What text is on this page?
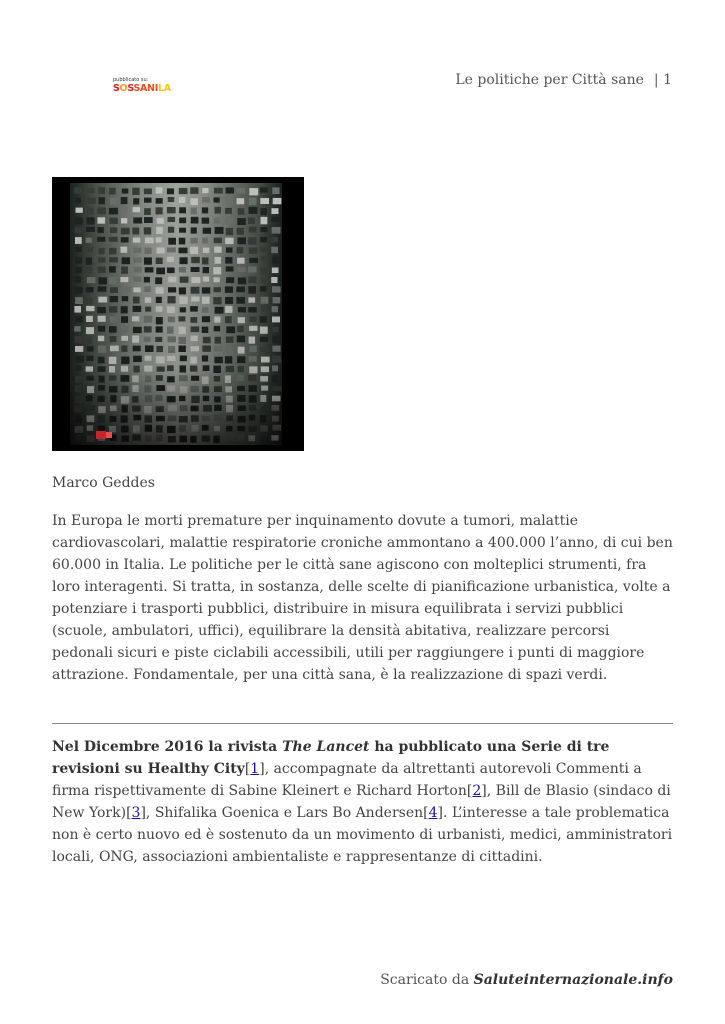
pubblicato su:
SOSSANILA
Le politiche per Città sane | 1
Marco Geddes

In Europa le morti premature per inquinamento dovute a tumori, malattie cardiovascolari, malattie respiratorie croniche ammontano a 400.000 l’anno, di cui ben 60.000 in Italia. Le politiche per le città sane agiscono con molteplici strumenti, fra loro interagenti. Si tratta, in sostanza, delle scelte di pianificazione urbanistica, volte a potenziare i trasporti pubblici, distribuire in misura equilibrata i servizi pubblici (scuole, ambulatori, uffici), equilibrare la densità abitativa, realizzare percorsi pedonali sicuri e piste ciclabili accessibili, utili per raggiungere i punti di maggiore attrazione. Fondamentale, per una città sana, è la realizzazione di spazi verdi.

Nel Dicembre 2016 la rivista The Lancet ha pubblicato una Serie di tre revisioni su Healthy City[1], accompagnate da altrettanti autorevoli Commenti a firma rispettivamente di Sabine Kleinert e Richard Horton[2], Bill de Blasio (sindaco di New York)[3], Shifalika Goenica e Lars Bo Andersen[4]. L’interesse a tale problematica non è certo nuovo ed è sostenuto da un movimento di urbanisti, medici, amministratori locali, ONG, associazioni ambientaliste e rappresentanze di cittadini.

Scaricato da Saluteinternazionale.info
